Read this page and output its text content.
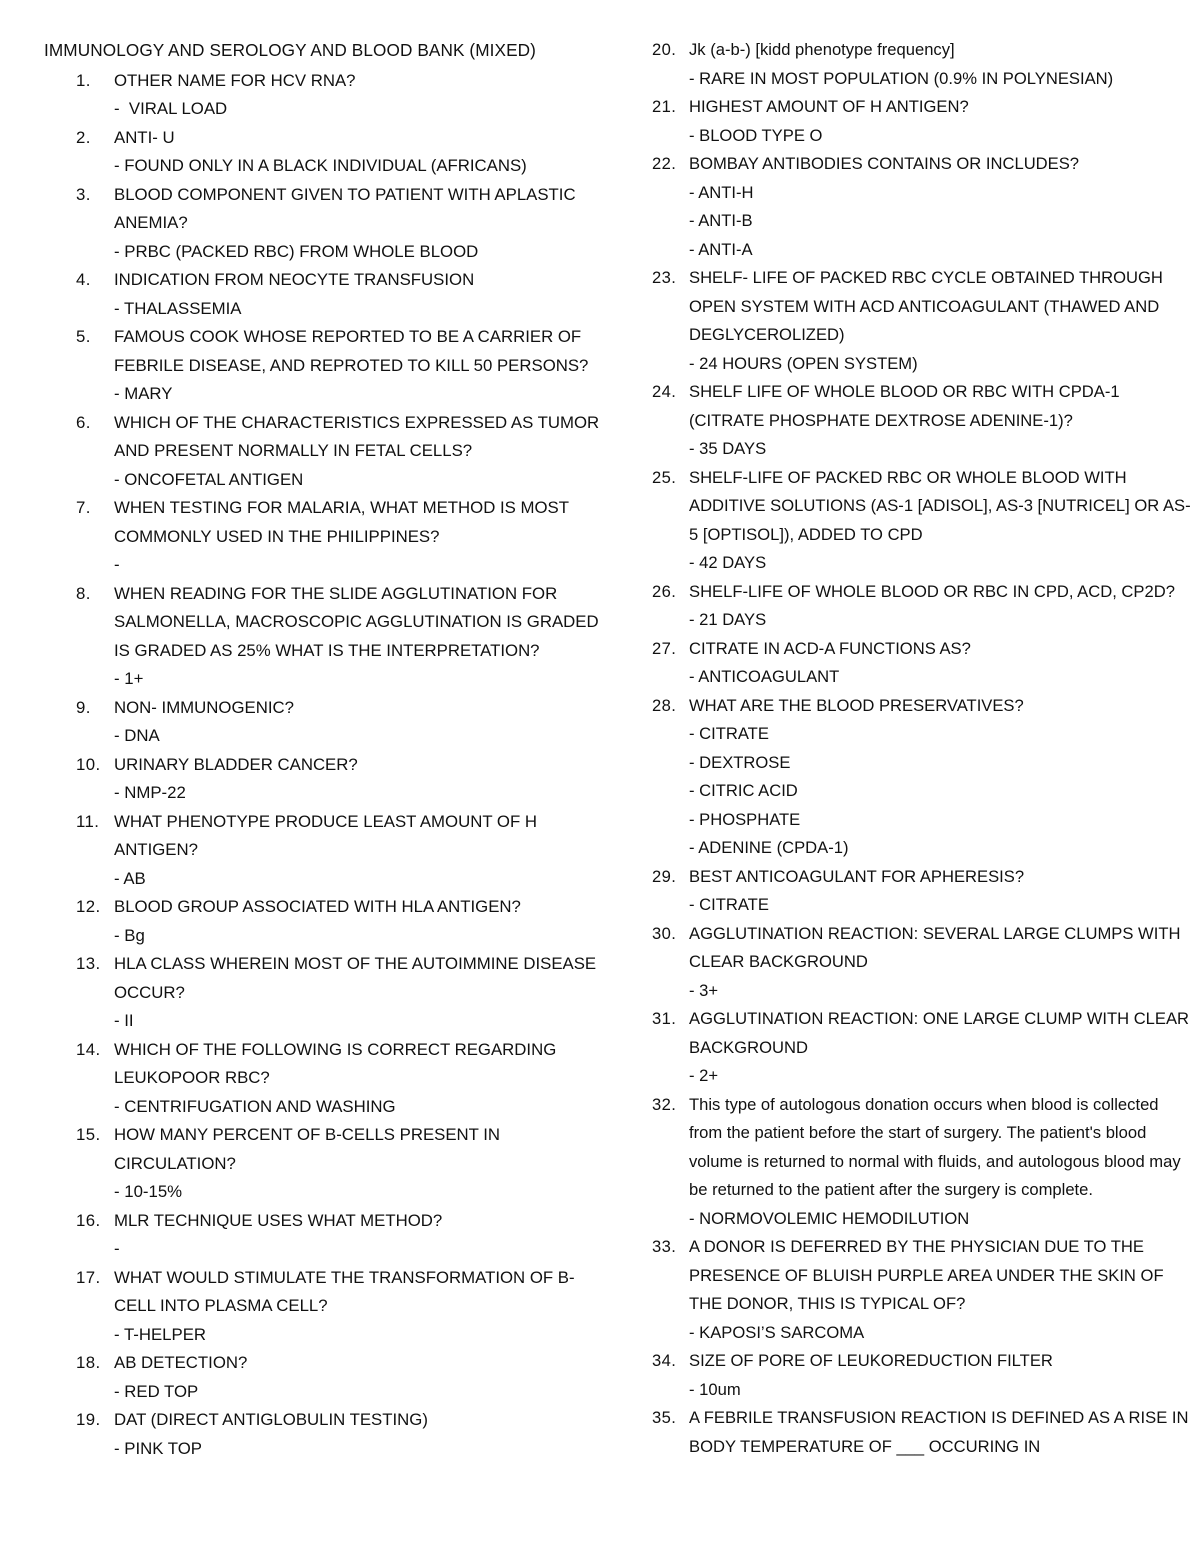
IMMUNOLOGY AND SEROLOGY AND BLOOD BANK (MIXED)
1.	OTHER NAME FOR HCV RNA?
-  VIRAL LOAD
2.	ANTI- U
- FOUND ONLY IN A BLACK INDIVIDUAL (AFRICANS)
3.	BLOOD COMPONENT GIVEN TO PATIENT WITH APLASTIC ANEMIA?
- PRBC (PACKED RBC) FROM WHOLE BLOOD
4.	INDICATION FROM NEOCYTE TRANSFUSION
- THALASSEMIA
5.	FAMOUS COOK WHOSE REPORTED TO BE A CARRIER OF FEBRILE DISEASE, AND REPROTED TO KILL 50 PERSONS?
- MARY
6.	WHICH OF THE CHARACTERISTICS EXPRESSED AS TUMOR AND PRESENT NORMALLY IN FETAL CELLS?
- ONCOFETAL ANTIGEN
7.	WHEN TESTING FOR MALARIA, WHAT METHOD IS MOST COMMONLY USED IN THE PHILIPPINES?
-
8.	WHEN READING FOR THE SLIDE AGGLUTINATION FOR SALMONELLA, MACROSCOPIC AGGLUTINATION IS GRADED IS GRADED AS 25% WHAT IS THE INTERPRETATION?
- 1+
9.	NON- IMMUNOGENIC?
- DNA
10. URINARY BLADDER CANCER?
- NMP-22
11. WHAT PHENOTYPE PRODUCE LEAST AMOUNT OF H ANTIGEN?
- AB
12. BLOOD GROUP ASSOCIATED WITH HLA ANTIGEN?
- Bg
13. HLA CLASS WHEREIN MOST OF THE AUTOIMMINE DISEASE OCCUR?
- II
14. WHICH OF THE FOLLOWING IS CORRECT REGARDING LEUKOPOOR RBC?
- CENTRIFUGATION AND WASHING
15. HOW MANY PERCENT OF B-CELLS PRESENT IN CIRCULATION?
- 10-15%
16. MLR TECHNIQUE USES WHAT METHOD?
-
17. WHAT WOULD STIMULATE THE TRANSFORMATION OF B-CELL INTO PLASMA CELL?
- T-HELPER
18. AB DETECTION?
- RED TOP
19. DAT (DIRECT ANTIGLOBULIN TESTING)
- PINK TOP
20. Jk (a-b-) [kidd phenotype frequency]
- RARE IN MOST POPULATION (0.9% IN POLYNESIAN)
21. HIGHEST AMOUNT OF H ANTIGEN?
- BLOOD TYPE O
22. BOMBAY ANTIBODIES CONTAINS OR INCLUDES?
- ANTI-H
- ANTI-B
- ANTI-A
23. SHELF- LIFE OF PACKED RBC CYCLE OBTAINED THROUGH OPEN SYSTEM WITH ACD ANTICOAGULANT (THAWED AND DEGLYCEROLIZED)
- 24 HOURS (OPEN SYSTEM)
24. SHELF LIFE OF WHOLE BLOOD OR RBC WITH CPDA-1 (CITRATE PHOSPHATE DEXTROSE ADENINE-1)?
- 35 DAYS
25. SHELF-LIFE OF PACKED RBC OR WHOLE BLOOD WITH ADDITIVE SOLUTIONS (AS-1 [ADISOL], AS-3 [NUTRICEL] OR AS-5 [OPTISOL]), ADDED TO CPD
- 42 DAYS
26. SHELF-LIFE OF WHOLE BLOOD OR RBC IN CPD, ACD, CP2D?
- 21 DAYS
27. CITRATE IN ACD-A FUNCTIONS AS?
- ANTICOAGULANT
28. WHAT ARE THE BLOOD PRESERVATIVES?
- CITRATE
- DEXTROSE
- CITRIC ACID
- PHOSPHATE
- ADENINE (CPDA-1)
29. BEST ANTICOAGULANT FOR APHERESIS?
- CITRATE
30. AGGLUTINATION REACTION: SEVERAL LARGE CLUMPS WITH CLEAR BACKGROUND
- 3+
31. AGGLUTINATION REACTION: ONE LARGE CLUMP WITH CLEAR BACKGROUND
- 2+
32. This type of autologous donation occurs when blood is collected from the patient before the start of surgery. The patient's blood volume is returned to normal with fluids, and autologous blood may be returned to the patient after the surgery is complete.
- NORMOVOLEMIC HEMODILUTION
33. A DONOR IS DEFERRED BY THE PHYSICIAN DUE TO THE PRESENCE OF BLUISH PURPLE AREA UNDER THE SKIN OF THE DONOR, THIS IS TYPICAL OF?
- KAPOSI’S SARCOMA
34. SIZE OF PORE OF LEUKOREDUCTION FILTER
- 10um
35. A FEBRILE TRANSFUSION REACTION IS DEFINED AS A RISE IN BODY TEMPERATURE OF ___ OCCURING IN
